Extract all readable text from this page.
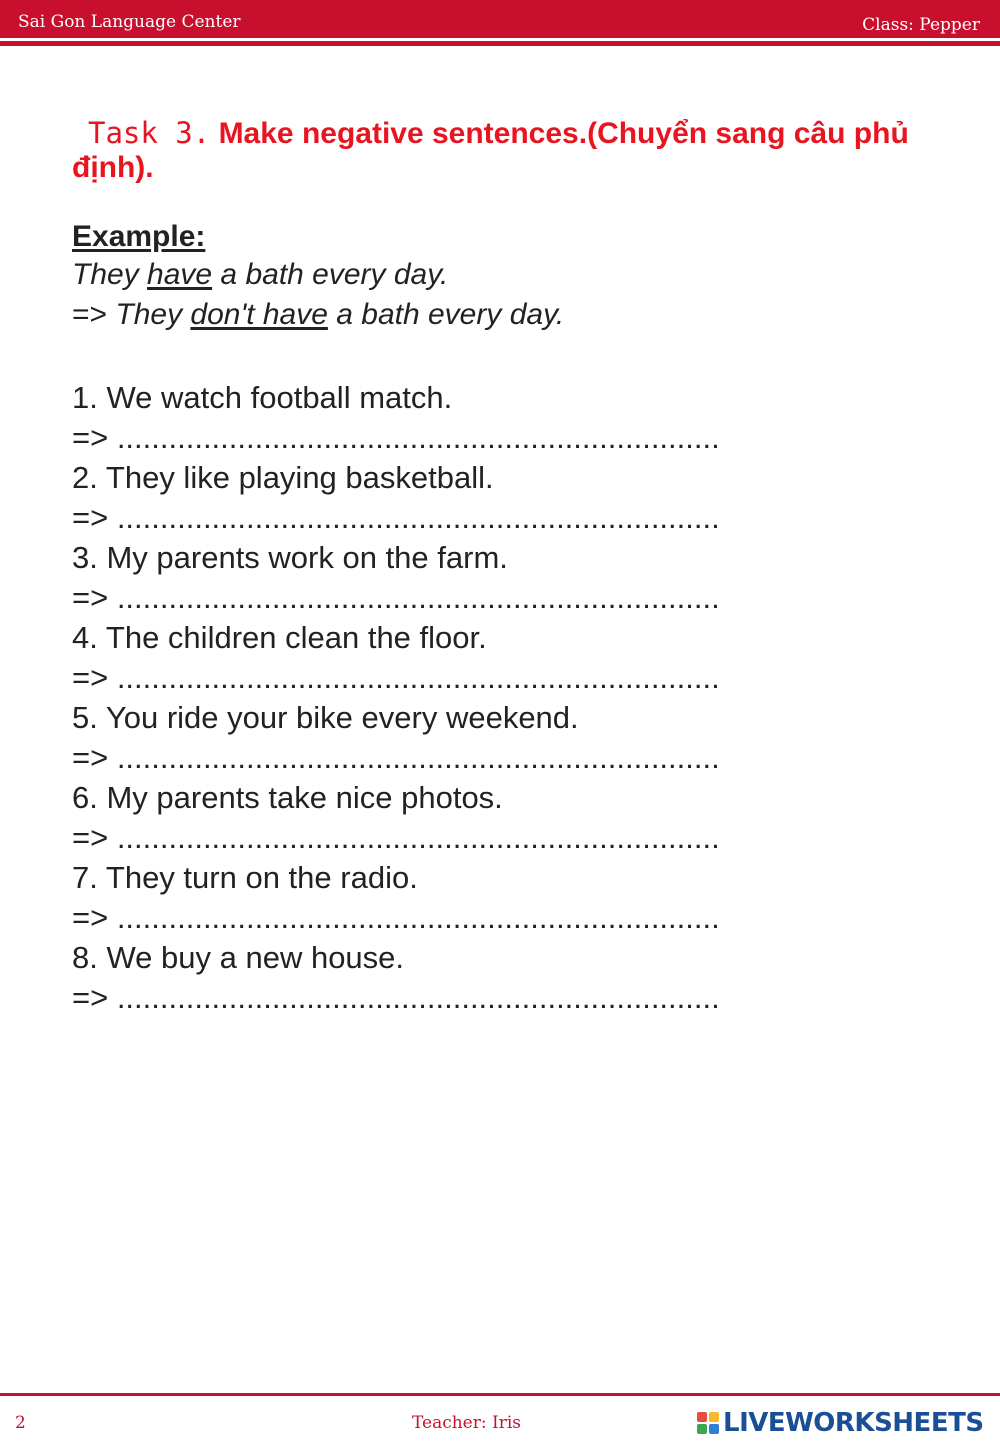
Sai Gon Language Center	Class: Pepper
Task 3. Make negative sentences.(Chuyển sang câu phủ định).
Example:
They have a bath every day.
=> They don't have a bath every day.
1. We watch football match.
=> ......................................................................
2. They like playing basketball.
=> ......................................................................
3. My parents work on the farm.
=> ......................................................................
4. The children clean the floor.
=> ......................................................................
5. You ride your bike every weekend.
=> ......................................................................
6. My parents take nice photos.
=> ......................................................................
7. They turn on the radio.
=> ......................................................................
8. We buy a new house.
=> ......................................................................
2	Teacher: Iris	LIVEWORKSHEETS
